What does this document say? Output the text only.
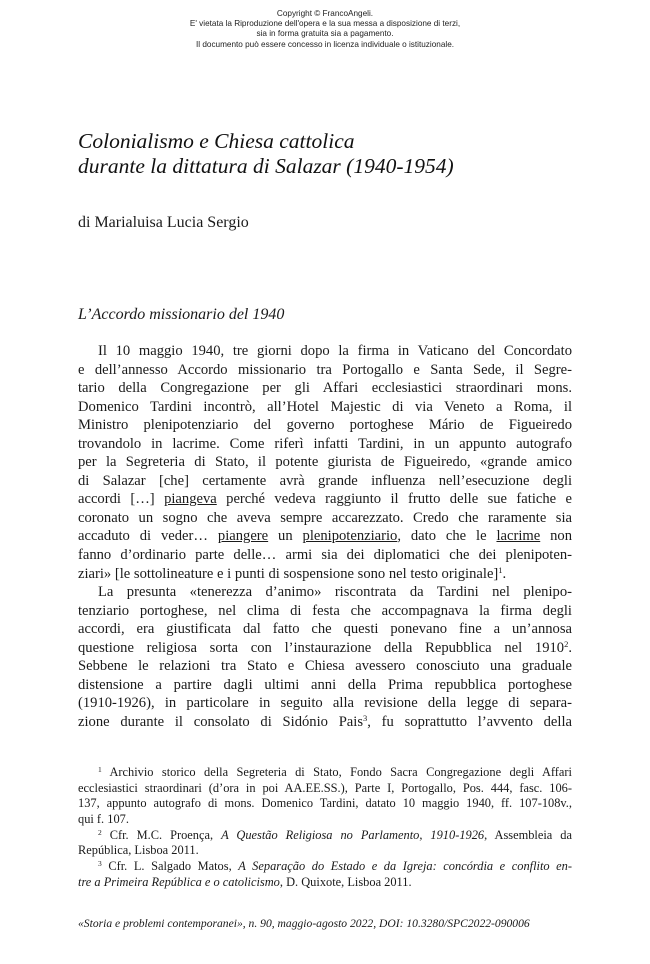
Copyright © FrancoAngeli.
E' vietata la Riproduzione dell'opera e la sua messa a disposizione di terzi,
sia in forma gratuita sia a pagamento.
Il documento può essere concesso in licenza individuale o istituzionale.
Colonialismo e Chiesa cattolica
durante la dittatura di Salazar (1940-1954)
di Marialuisa Lucia Sergio
L’Accordo missionario del 1940
Il 10 maggio 1940, tre giorni dopo la firma in Vaticano del Concordato
e dell’annesso Accordo missionario tra Portogallo e Santa Sede, il Segre-
tario della Congregazione per gli Affari ecclesiastici straordinari mons.
Domenico Tardini incontrò, all’Hotel Majestic di via Veneto a Roma, il
Ministro plenipotenziario del governo portoghese Mário de Figueiredo
trovandolo in lacrime. Come riferì infatti Tardini, in un appunto autografo
per la Segreteria di Stato, il potente giurista de Figueiredo, «grande amico
di Salazar [che] certamente avrà grande influenza nell’esecuzione degli
accordi […] piangeva perché vedeva raggiunto il frutto delle sue fatiche e
coronato un sogno che aveva sempre accarezzato. Credo che raramente sia
accaduto di veder… piangere un plenipotenziario, dato che le lacrime non
fanno d’ordinario parte delle… armi sia dei diplomatici che dei plenipoten-
ziari» [le sottolineature e i punti di sospensione sono nel testo originale]$^1$.
La presunta «tenerezza d’animo» riscontrata da Tardini nel plenipo-
tenziario portoghese, nel clima di festa che accompagnava la firma degli
accordi, era giustificata dal fatto che questi ponevano fine a un’annosa
questione religiosa sorta con l’instaurazione della Repubblica nel 1910$^2$.
Sebbene le relazioni tra Stato e Chiesa avessero conosciuto una graduale
distensione a partire dagli ultimi anni della Prima repubblica portoghese
(1910-1926), in particolare in seguito alla revisione della legge di separa-
zione durante il consolato di Sidónio Pais$^3$, fu soprattutto l’avvento della
$^1$ Archivio storico della Segreteria di Stato, Fondo Sacra Congregazione degli Affari
ecclesiastici straordinari (d’ora in poi AA.EE.SS.), Parte I, Portogallo, Pos. 444, fasc. 106-
137, appunto autografo di mons. Domenico Tardini, datato 10 maggio 1940, ff. 107-108v.,
qui f. 107.
$^2$ Cfr. M.C. Proença, A Questão Religiosa no Parlamento, 1910-1926, Assembleia da
República, Lisboa 2011.
$^3$ Cfr. L. Salgado Matos, A Separação do Estado e da Igreja: concórdia e conflito en-
tre a Primeira República e o catolicismo, D. Quixote, Lisboa 2011.
«Storia e problemi contemporanei», n. 90, maggio-agosto 2022, DOI: 10.3280/SPC2022-090006
